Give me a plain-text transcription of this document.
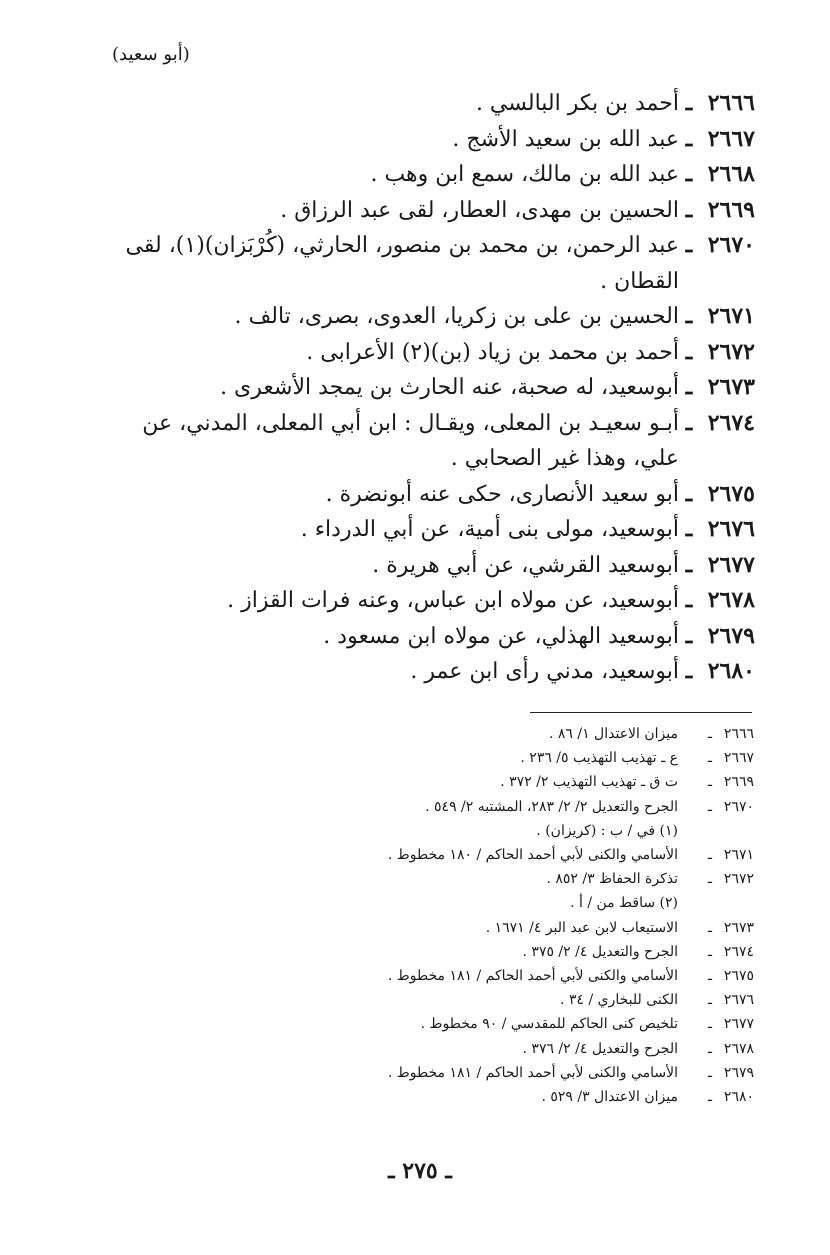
(أبو سعيد)
٢٦٦٦
ـ
أحمد بن بكر البالسي .
٢٦٦٧
ـ
عبد الله بن سعيد الأشج .
٢٦٦٨
ـ
عبد الله بن مالك، سمع ابن وهب .
٢٦٦٩
ـ
الحسين بن مهدى، العطار، لقى عبد الرزاق .
٢٦٧٠
ـ
عبد الرحمن، بن محمد بن منصور، الحارثي، (كُرْبَزان)(١)، لقى القطان .
٢٦٧١
ـ
الحسين بن على بن زكريا، العدوى، بصرى، تالف .
٢٦٧٢
ـ
أحمد بن محمد بن زياد (بن)(٢) الأعرابى .
٢٦٧٣
ـ
أبوسعيد، له صحبة، عنه الحارث بن يمجد الأشعرى .
٢٦٧٤
ـ
أبـو سعيـد بن المعلى، ويقـال : ابن أبي المعلى، المدني، عن علي، وهذا غير الصحابي .
٢٦٧٥
ـ
أبو سعيد الأنصارى، حكى عنه أبونضرة .
٢٦٧٦
ـ
أبوسعيد، مولى بنى أمية، عن أبي الدرداء .
٢٦٧٧
ـ
أبوسعيد القرشي، عن أبي هريرة .
٢٦٧٨
ـ
أبوسعيد، عن مولاه ابن عباس، وعنه فرات القزاز .
٢٦٧٩
ـ
أبوسعيد الهذلي، عن مولاه ابن مسعود .
٢٦٨٠
ـ
أبوسعيد، مدني رأى ابن عمر .
٢٦٦٦
ـ
ميزان الاعتدال ١/ ٨٦ .
٢٦٦٧
ـ
ع ـ تهذيب التهذيب ٥/ ٢٣٦ .
٢٦٦٩
ـ
ت ق ـ تهذيب التهذيب ٢/ ٣٧٢ .
٢٦٧٠
ـ
الجرح والتعديل ٢/ ٢/ ٢٨٣، المشتبه ٢/ ٥٤٩ .
(١) في / ب : (كريزان) .
٢٦٧١
ـ
الأسامي والكنى لأبي أحمد الحاكم / ١٨٠ مخطوط .
٢٦٧٢
ـ
تذكرة الحفاظ ٣/ ٨٥٢ .
(٢) ساقط من / أ .
٢٦٧٣
ـ
الاستيعاب لابن عبد البر ٤/ ١٦٧١ .
٢٦٧٤
ـ
الجرح والتعديل ٤/ ٢/ ٣٧٥ .
٢٦٧٥
ـ
الأسامي والكنى لأبي أحمد الحاكم / ١٨١ مخطوط .
٢٦٧٦
ـ
الكنى للبخاري / ٣٤ .
٢٦٧٧
ـ
تلخيص كنى الحاكم للمقدسي / ٩٠ مخطوط .
٢٦٧٨
ـ
الجرح والتعديل ٤/ ٢/ ٣٧٦ .
٢٦٧٩
ـ
الأسامي والكنى لأبي أحمد الحاكم / ١٨١ مخطوط .
٢٦٨٠
ـ
ميزان الاعتدال ٣/ ٥٢٩ .
ـ ٢٧٥ ـ
